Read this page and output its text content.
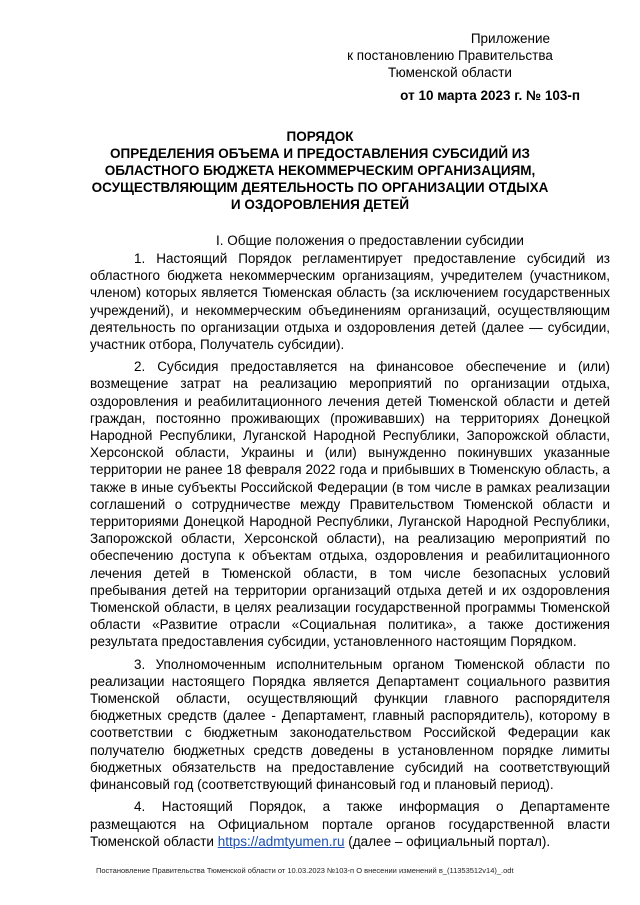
Приложение
к постановлению Правительства
Тюменской области
от 10 марта 2023 г. № 103-п
ПОРЯДОК
ОПРЕДЕЛЕНИЯ ОБЪЕМА И ПРЕДОСТАВЛЕНИЯ СУБСИДИЙ ИЗ ОБЛАСТНОГО БЮДЖЕТА НЕКОММЕРЧЕСКИМ ОРГАНИЗАЦИЯМ, ОСУЩЕСТВЛЯЮЩИМ ДЕЯТЕЛЬНОСТЬ ПО ОРГАНИЗАЦИИ ОТДЫХА И ОЗДОРОВЛЕНИЯ ДЕТЕЙ
I. Общие положения о предоставлении субсидии

1. Настоящий Порядок регламентирует предоставление субсидий из областного бюджета некоммерческим организациям, учредителем (участником, членом) которых является Тюменская область (за исключением государственных учреждений), и некоммерческим объединениям организаций, осуществляющим деятельность по организации отдыха и оздоровления детей (далее — субсидии, участник отбора, Получатель субсидии).

2. Субсидия предоставляется на финансовое обеспечение и (или) возмещение затрат на реализацию мероприятий по организации отдыха, оздоровления и реабилитационного лечения детей Тюменской области и детей граждан, постоянно проживающих (проживавших) на территориях Донецкой Народной Республики, Луганской Народной Республики, Запорожской области, Херсонской области, Украины и (или) вынужденно покинувших указанные территории не ранее 18 февраля 2022 года и прибывших в Тюменскую область, а также в иные субъекты Российской Федерации (в том числе в рамках реализации соглашений о сотрудничестве между Правительством Тюменской области и территориями Донецкой Народной Республики, Луганской Народной Республики, Запорожской области, Херсонской области), на реализацию мероприятий по обеспечению доступа к объектам отдыха, оздоровления и реабилитационного лечения детей в Тюменской области, в том числе безопасных условий пребывания детей на территории организаций отдыха детей и их оздоровления Тюменской области, в целях реализации государственной программы Тюменской области «Развитие отрасли «Социальная политика», а также достижения результата предоставления субсидии, установленного настоящим Порядком.

3. Уполномоченным исполнительным органом Тюменской области по реализации настоящего Порядка является Департамент социального развития Тюменской области, осуществляющий функции главного распорядителя бюджетных средств (далее - Департамент, главный распорядитель), которому в соответствии с бюджетным законодательством Российской Федерации как получателю бюджетных средств доведены в установленном порядке лимиты бюджетных обязательств на предоставление субсидий на соответствующий финансовый год (соответствующий финансовый год и плановый период).

4. Настоящий Порядок, а также информация о Департаменте размещаются на Официальном портале органов государственной власти Тюменской области https://admtyumen.ru (далее – официальный портал).

Постановление Правительства Тюменской области от 10.03.2023 №103-п О внесении изменений в_(11353512v14)_.odt
